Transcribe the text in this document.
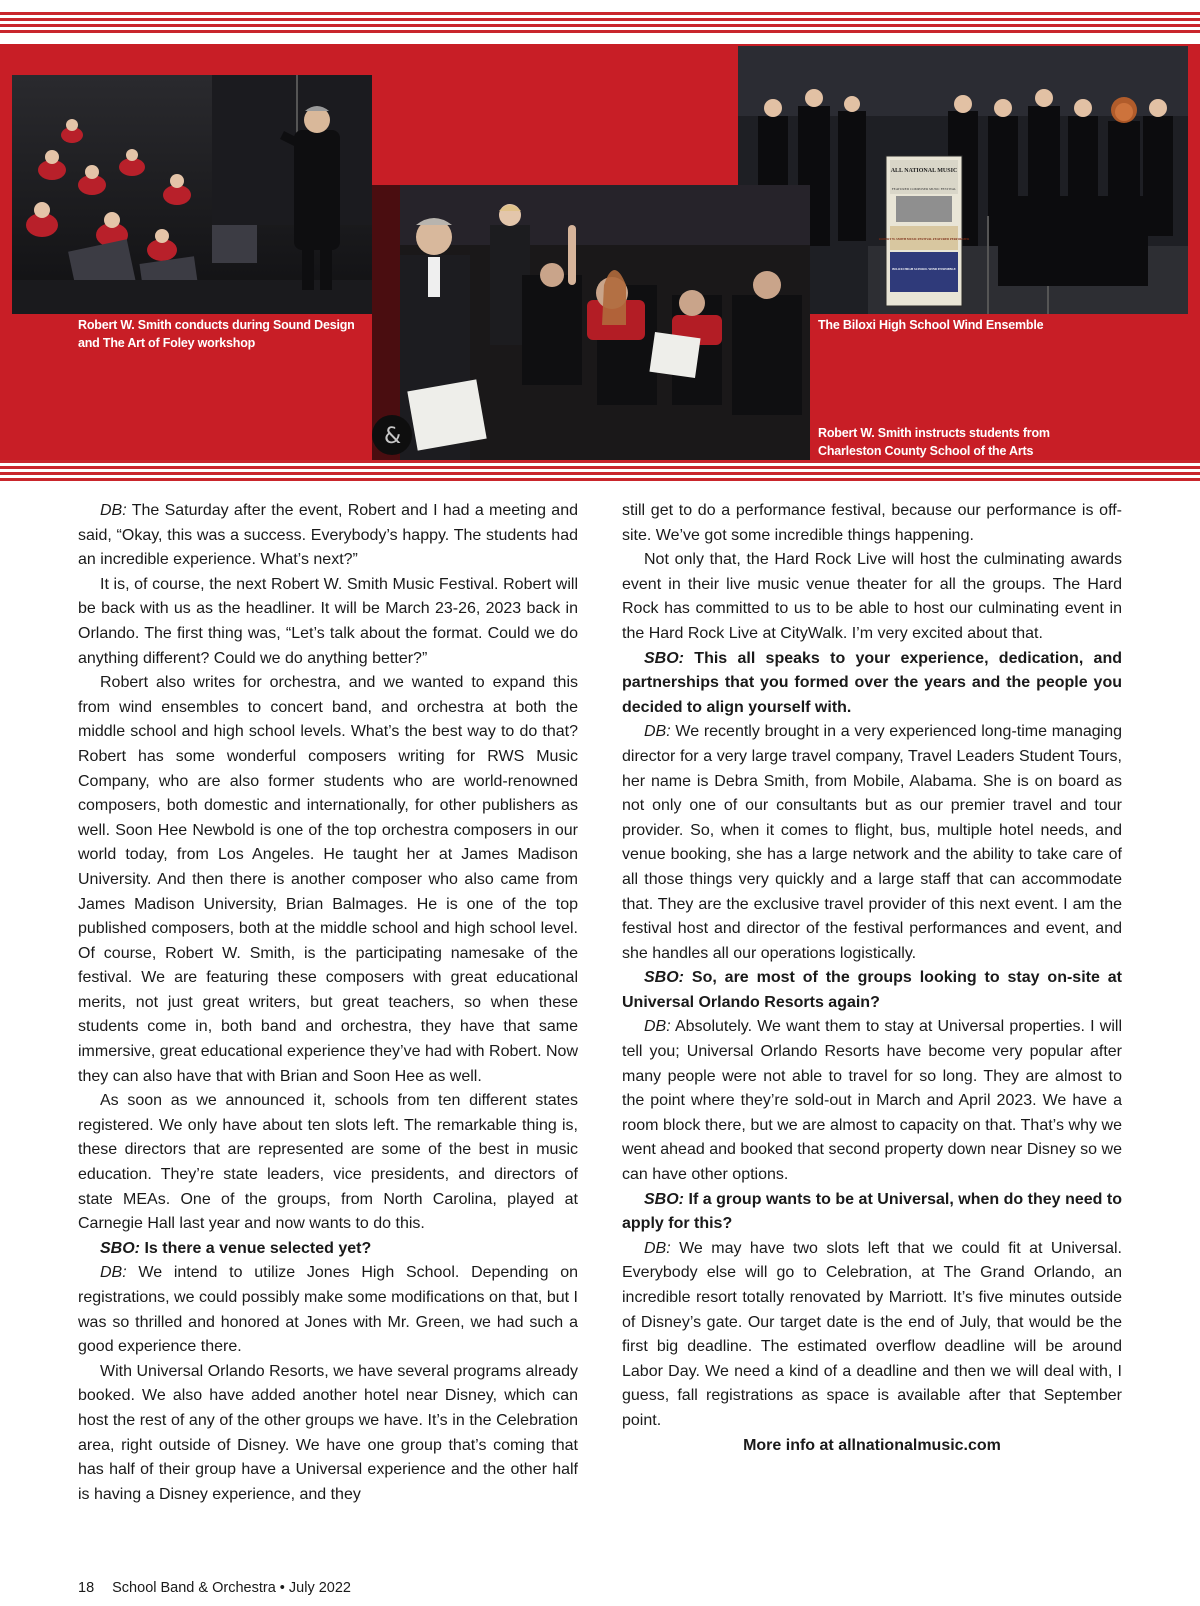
Robert W. Smith conducts during Sound Design and The Art of Foley workshop
ALL NATIONAL MUSIC
FEATURED COMPOSER MUSIC FESTIVAL
ROBERT W. SMITH MUSIC FESTIVAL FEATURED PERFORMER
BILOXI HIGH SCHOOL WIND ENSEMBLE
The Biloxi High School Wind Ensemble
&	Robert W. Smith instructs students from Charleston County School of the Arts

DB: The Saturday after the event, Robert and I had a meeting and said, “Okay, this was a success. Everybody’s happy. The students had an incredible experience. What’s next?”

It is, of course, the next Robert W. Smith Music Festival. Robert will be back with us as the headliner. It will be March 23-26, 2023 back in Orlando. The first thing was, “Let’s talk about the format. Could we do anything different? Could we do anything better?”

Robert also writes for orchestra, and we wanted to expand this from wind ensembles to concert band, and orchestra at both the middle school and high school levels. What’s the best way to do that? Robert has some wonderful composers writing for RWS Music Company, who are also former students who are world-renowned composers, both domestic and internationally, for other publishers as well. Soon Hee Newbold is one of the top orchestra composers in our world today, from Los Angeles. He taught her at James Madison University. And then there is another composer who also came from James Madison University, Brian Balmages. He is one of the top published composers, both at the middle school and high school level. Of course, Robert W. Smith, is the participating namesake of the festival. We are featuring these composers with great educational merits, not just great writers, but great teachers, so when these students come in, both band and orchestra, they have that same immersive, great educational experience they’ve had with Robert. Now they can also have that with Brian and Soon Hee as well.

As soon as we announced it, schools from ten different states registered. We only have about ten slots left. The remarkable thing is, these directors that are represented are some of the best in music education. They’re state leaders, vice presidents, and directors of state MEAs. One of the groups, from North Carolina, played at Carnegie Hall last year and now wants to do this.

SBO: Is there a venue selected yet?

DB: We intend to utilize Jones High School. Depending on registrations, we could possibly make some modifications on that, but I was so thrilled and honored at Jones with Mr. Green, we had such a good experience there.

With Universal Orlando Resorts, we have several programs already booked. We also have added another hotel near Disney, which can host the rest of any of the other groups we have. It’s in the Celebration area, right outside of Disney. We have one group that’s coming that has half of their group have a Universal experience and the other half is having a Disney experience, and they

still get to do a performance festival, because our performance is off-site. We’ve got some incredible things happening.

Not only that, the Hard Rock Live will host the culminating awards event in their live music venue theater for all the groups. The Hard Rock has committed to us to be able to host our culminating event in the Hard Rock Live at CityWalk. I’m very excited about that.

SBO: This all speaks to your experience, dedication, and partnerships that you formed over the years and the people you decided to align yourself with.

DB: We recently brought in a very experienced long-time managing director for a very large travel company, Travel Leaders Student Tours, her name is Debra Smith, from Mobile, Alabama. She is on board as not only one of our consultants but as our premier travel and tour provider. So, when it comes to flight, bus, multiple hotel needs, and venue booking, she has a large network and the ability to take care of all those things very quickly and a large staff that can accommodate that. They are the exclusive travel provider of this next event. I am the festival host and director of the festival performances and event, and she handles all our operations logistically.

SBO: So, are most of the groups looking to stay on-site at Universal Orlando Resorts again?

DB: Absolutely. We want them to stay at Universal properties. I will tell you; Universal Orlando Resorts have become very popular after many people were not able to travel for so long. They are almost to the point where they’re sold-out in March and April 2023. We have a room block there, but we are almost to capacity on that. That’s why we went ahead and booked that second property down near Disney so we can have other options.

SBO: If a group wants to be at Universal, when do they need to apply for this?

DB: We may have two slots left that we could fit at Universal. Everybody else will go to Celebration, at The Grand Orlando, an incredible resort totally renovated by Marriott. It’s five minutes outside of Disney’s gate. Our target date is the end of July, that would be the first big deadline. The estimated overflow deadline will be around Labor Day. We need a kind of a deadline and then we will deal with, I guess, fall registrations as space is available after that September point.

More info at allnationalmusic.com

18 School Band & Orchestra • July 2022
